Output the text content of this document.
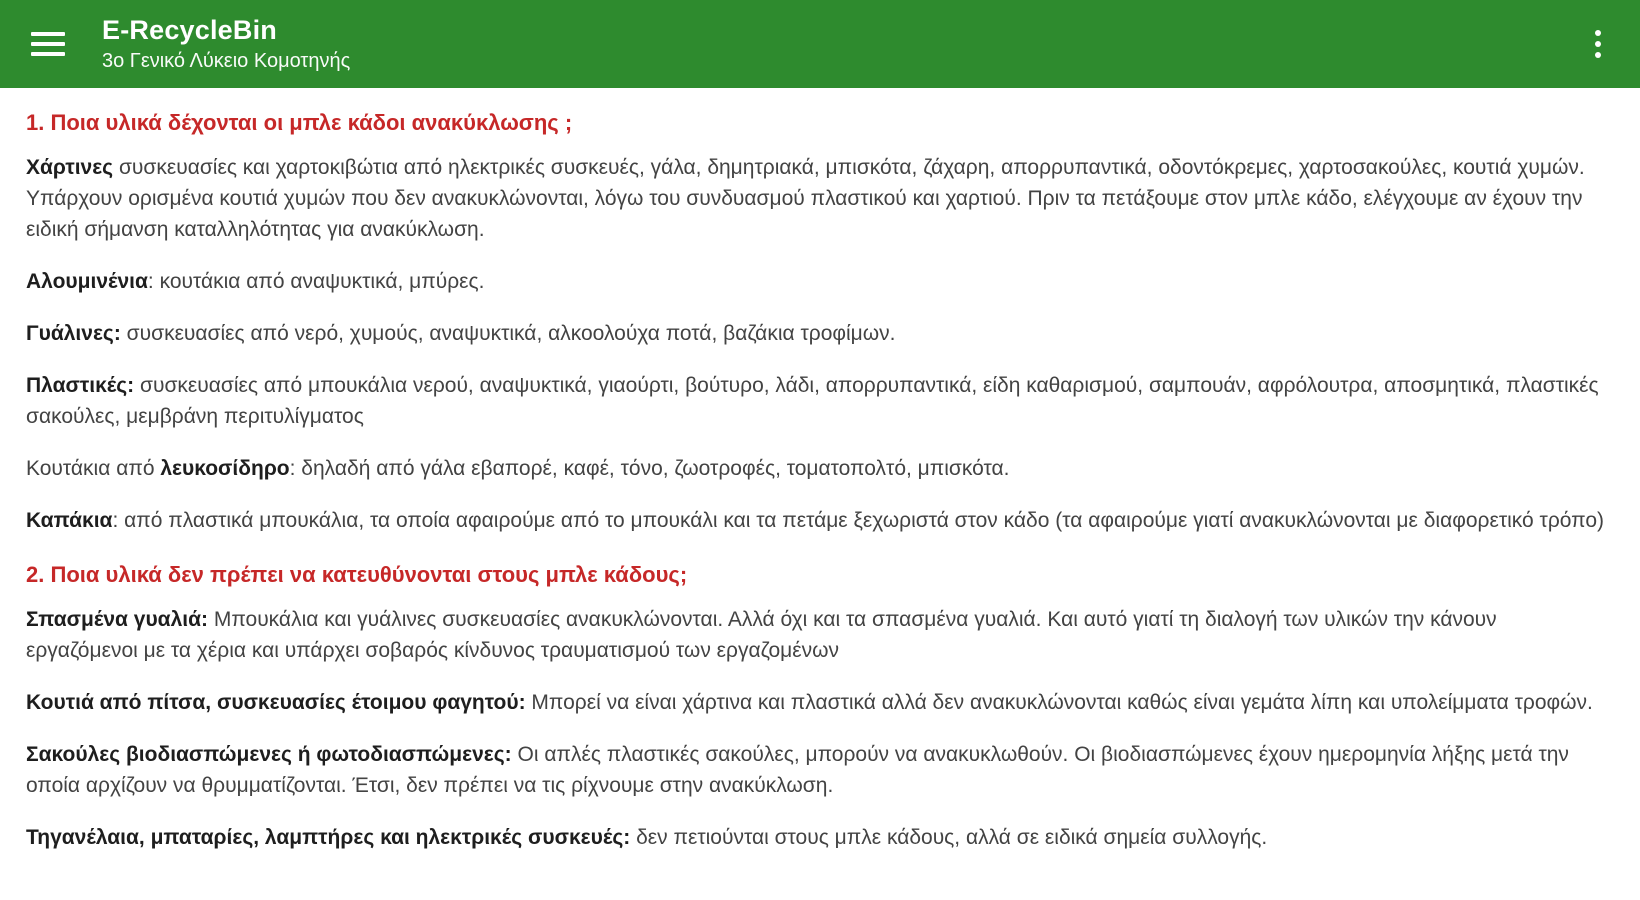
E-RecycleBin
3ο Γενικό Λύκειο Κομοτηνής
1. Ποια υλικά δέχονται οι μπλε κάδοι ανακύκλωσης ;

Χάρτινες συσκευασίες και χαρτοκιβώτια από ηλεκτρικές συσκευές, γάλα, δημητριακά, μπισκότα, ζάχαρη, απορρυπαντικά, οδοντόκρεμες, χαρτοσακούλες, κουτιά χυμών. Υπάρχουν ορισμένα κουτιά χυμών που δεν ανακυκλώνονται, λόγω του συνδυασμού πλαστικού και χαρτιού. Πριν τα πετάξουμε στον μπλε κάδο, ελέγχουμε αν έχουν την ειδική σήμανση καταλληλότητας για ανακύκλωση.

Αλουμινένια: κουτάκια από αναψυκτικά, μπύρες.

Γυάλινες: συσκευασίες από νερό, χυμούς, αναψυκτικά, αλκοολούχα ποτά, βαζάκια τροφίμων.

Πλαστικές: συσκευασίες από μπουκάλια νερού, αναψυκτικά, γιαούρτι, βούτυρο, λάδι, απορρυπαντικά, είδη καθαρισμού, σαμπουάν, αφρόλουτρα, αποσμητικά, πλαστικές σακούλες, μεμβράνη περιτυλίγματος

Κουτάκια από λευκοσίδηρο: δηλαδή από γάλα εβαπορέ, καφέ, τόνο, ζωοτροφές, τοματοπολτό, μπισκότα.

Καπάκια: από πλαστικά μπουκάλια, τα οποία αφαιρούμε από το μπουκάλι και τα πετάμε ξεχωριστά στον κάδο (τα αφαιρούμε γιατί ανακυκλώνονται με διαφορετικό τρόπο)

2. Ποια υλικά δεν πρέπει να κατευθύνονται στους μπλε κάδους;

Σπασμένα γυαλιά: Μπουκάλια και γυάλινες συσκευασίες ανακυκλώνονται. Αλλά όχι και τα σπασμένα γυαλιά. Και αυτό γιατί τη διαλογή των υλικών την κάνουν εργαζόμενοι με τα χέρια και υπάρχει σοβαρός κίνδυνος τραυματισμού των εργαζομένων

Κουτιά από πίτσα, συσκευασίες έτοιμου φαγητού: Μπορεί να είναι χάρτινα και πλαστικά αλλά δεν ανακυκλώνονται καθώς είναι γεμάτα λίπη και υπολείμματα τροφών.

Σακούλες βιοδιασπώμενες ή φωτοδιασπώμενες: Οι απλές πλαστικές σακούλες, μπορούν να ανακυκλωθούν. Οι βιοδιασπώμενες έχουν ημερομηνία λήξης μετά την οποία αρχίζουν να θρυμματίζονται. Έτσι, δεν πρέπει να τις ρίχνουμε στην ανακύκλωση.

Τηγανέλαια, μπαταρίες, λαμπτήρες και ηλεκτρικές συσκευές: δεν πετιούνται στους μπλε κάδους, αλλά σε ειδικά σημεία συλλογής.
